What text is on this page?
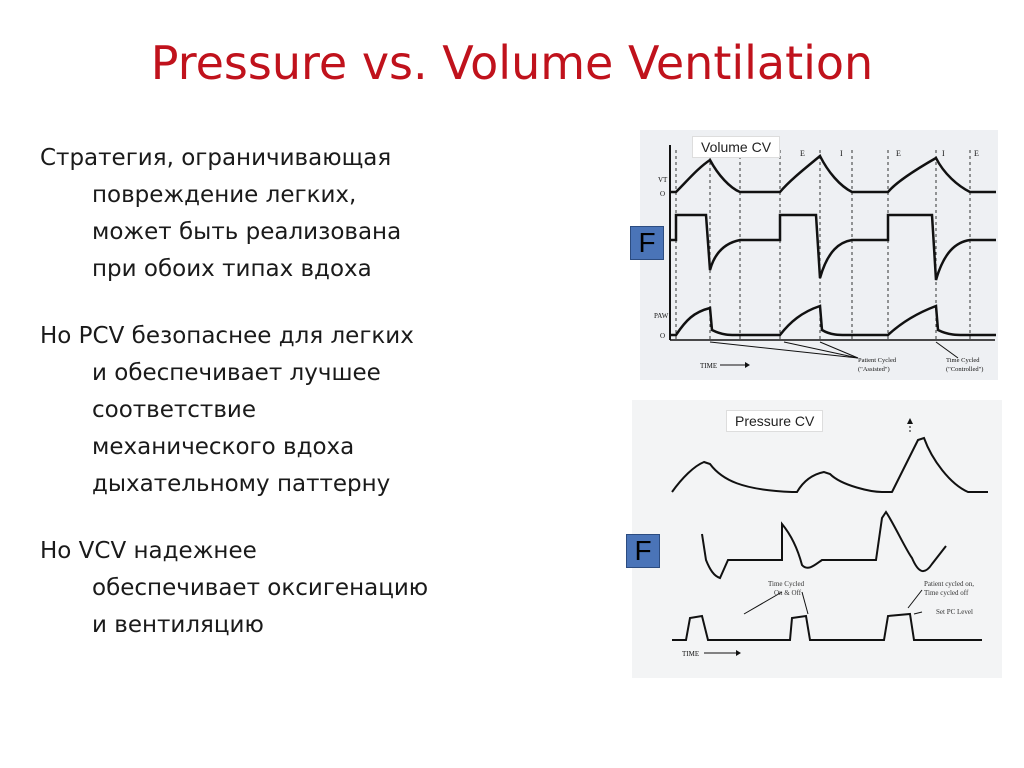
Pressure vs. Volume Ventilation
Стратегия, ограничивающая
повреждение легких,
может быть реализована
при обоих типах вдоха
Но PCV безопаснее для легких
и обеспечивает лучшее
соответствие
механического вдоха
дыхательному паттерну
Но VCV надежнее
обеспечивает оксигенацию
и вентиляцию
E	I	E	I	E
VT
O
PAW
O
TIME
Patient Cycled
("Assisted")
Time Cycled
("Controlled")
Volume CV
F
Time Cycled
On & Off
Patient cycled on,
Time cycled off
Set PC Level
TIME
Pressure CV
F
